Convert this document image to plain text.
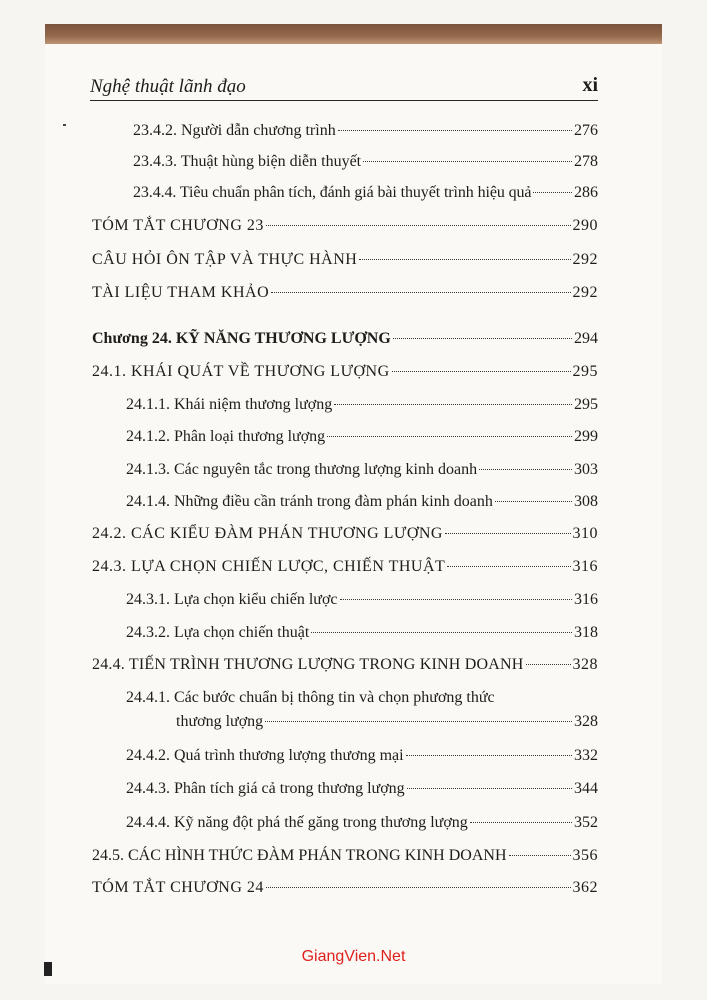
Nghệ thuật lãnh đạo	xi
23.4.2. Người dẫn chương trình	276
23.4.3. Thuật hùng biện diễn thuyết	278
23.4.4. Tiêu chuẩn phân tích, đánh giá bài thuyết trình hiệu quả	286
TÓM TẮT CHƯƠNG 23	290
CÂU HỎI ÔN TẬP VÀ THỰC HÀNH	292
TÀI LIỆU THAM KHẢO	292
Chương 24. KỸ NĂNG THƯƠNG LƯỢNG	294
24.1. KHÁI QUÁT VỀ THƯƠNG LƯỢNG	295
24.1.1. Khái niệm thương lượng	295
24.1.2. Phân loại thương lượng	299
24.1.3. Các nguyên tắc trong thương lượng kinh doanh	303
24.1.4. Những điều cần tránh trong đàm phán kinh doanh	308
24.2. CÁC KIỂU ĐÀM PHÁN THƯƠNG LƯỢNG	310
24.3. LỰA CHỌN CHIẾN LƯỢC, CHIẾN THUẬT	316
24.3.1. Lựa chọn kiểu chiến lược	316
24.3.2. Lựa chọn chiến thuật	318
24.4. TIẾN TRÌNH THƯƠNG LƯỢNG TRONG KINH DOANH	328
24.4.1. Các bước chuẩn bị thông tin và chọn phương thức
thương lượng	328
24.4.2. Quá trình thương lượng thương mại	332
24.4.3. Phân tích giá cả trong thương lượng	344
24.4.4. Kỹ năng đột phá thế găng trong thương lượng	352
24.5. CÁC HÌNH THỨC ĐÀM PHÁN TRONG KINH DOANH	356
TÓM TẮT CHƯƠNG 24	362
GiangVien.Net
